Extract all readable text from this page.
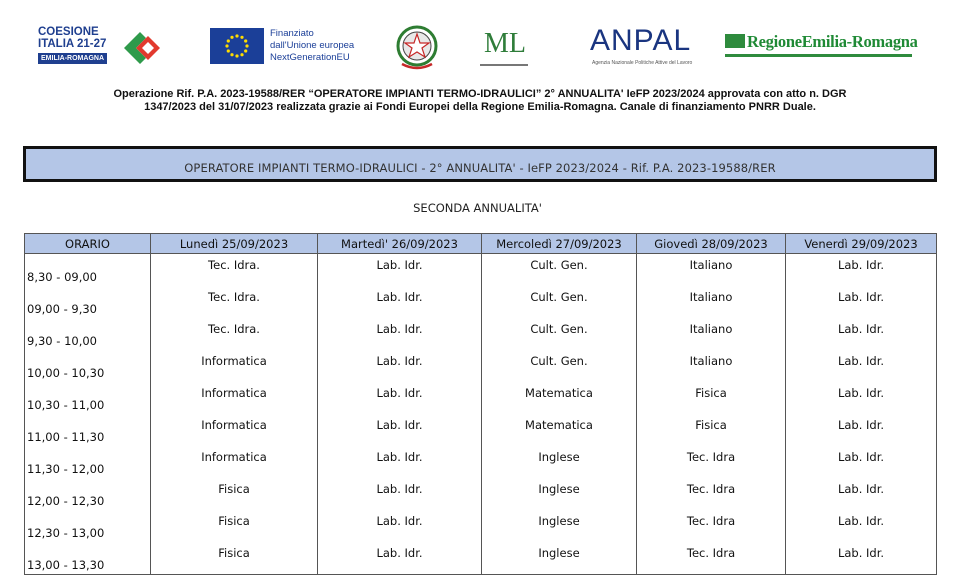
COESIONE
ITALIA 21-27
EMILIA-ROMAGNA
Finanziato
dall'Unione europea
NextGenerationEU	ML ANPAL
Agenzia Nazionale Politiche Attive del Lavoro
RegioneEmilia-Romagna
Operazione Rif. P.A. 2023-19588/RER “OPERATORE IMPIANTI TERMO-IDRAULICI” 2° ANNUALITA' IeFP 2023/2024 approvata con atto n. DGR
1347/2023 del 31/07/2023 realizzata grazie ai Fondi Europei della Regione Emilia-Romagna. Canale di finanziamento PNRR Duale.
OPERATORE IMPIANTI TERMO-IDRAULICI - 2° ANNUALITA' - IeFP 2023/2024 - Rif. P.A. 2023-19588/RER
SECONDA ANNUALITA'
ORARIO	Lunedì 25/09/2023	Martedì' 26/09/2023	Mercoledì 27/09/2023	Giovedì 28/09/2023	Venerdì 29/09/2023
8,30 - 09,00	Tec. Idra.	Lab. Idr.	Cult. Gen.	Italiano	Lab. Idr.
09,00 - 9,30	Tec. Idra.	Lab. Idr.	Cult. Gen.	Italiano	Lab. Idr.
9,30 - 10,00	Tec. Idra.	Lab. Idr.	Cult. Gen.	Italiano	Lab. Idr.
10,00 - 10,30	Informatica	Lab. Idr.	Cult. Gen.	Italiano	Lab. Idr.
10,30 - 11,00	Informatica	Lab. Idr.	Matematica	Fisica	Lab. Idr.
11,00 - 11,30	Informatica	Lab. Idr.	Matematica	Fisica	Lab. Idr.
11,30 - 12,00	Informatica	Lab. Idr.	Inglese	Tec. Idra	Lab. Idr.
12,00 - 12,30	Fisica	Lab. Idr.	Inglese	Tec. Idra	Lab. Idr.
12,30 - 13,00	Fisica	Lab. Idr.	Inglese	Tec. Idra	Lab. Idr.
13,00 - 13,30	Fisica	Lab. Idr.	Inglese	Tec. Idra	Lab. Idr.
